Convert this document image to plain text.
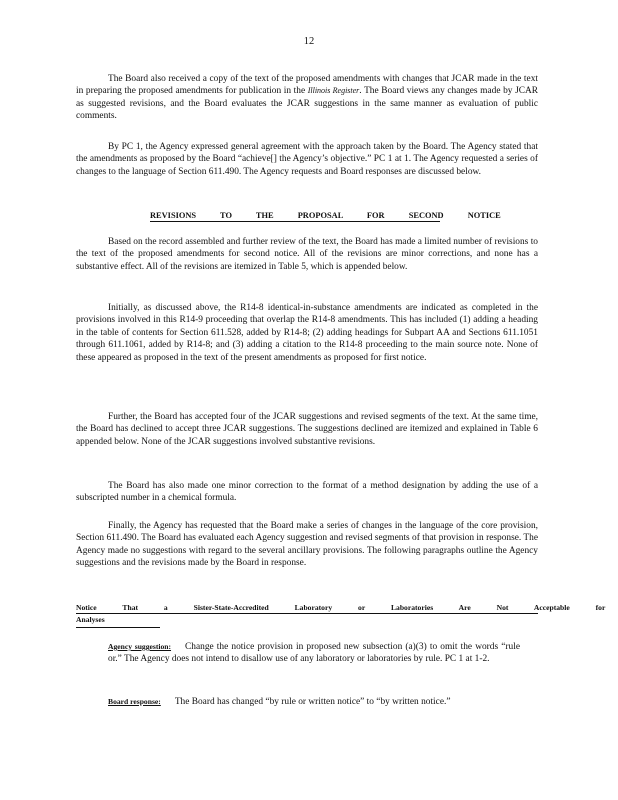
12

The Board also received a copy of the text of the proposed amendments with changes that JCAR made in the text in preparing the proposed amendments for publication in the Illinois Register. The Board views any changes made by JCAR as suggested revisions, and the Board evaluates the JCAR suggestions in the same manner as evaluation of public comments.

By PC 1, the Agency expressed general agreement with the approach taken by the Board. The Agency stated that the amendments as proposed by the Board “achieve[] the Agency’s objective.” PC 1 at 1. The Agency requested a series of changes to the language of Section 611.490. The Agency requests and Board responses are discussed below.

REVISIONS TO THE PROPOSAL FOR SECOND NOTICE

Based on the record assembled and further review of the text, the Board has made a limited number of revisions to the text of the proposed amendments for second notice. All of the revisions are minor corrections, and none has a substantive effect. All of the revisions are itemized in Table 5, which is appended below.

Initially, as discussed above, the R14-8 identical-in-substance amendments are indicated as completed in the provisions involved in this R14-9 proceeding that overlap the R14-8 amendments. This has included (1) adding a heading in the table of contents for Section 611.528, added by R14-8; (2) adding headings for Subpart AA and Sections 611.1051 through 611.1061, added by R14-8; and (3) adding a citation to the R14-8 proceeding to the main source note. None of these appeared as proposed in the text of the present amendments as proposed for first notice.

Further, the Board has accepted four of the JCAR suggestions and revised segments of the text. At the same time, the Board has declined to accept three JCAR suggestions. The suggestions declined are itemized and explained in Table 6 appended below. None of the JCAR suggestions involved substantive revisions.

The Board has also made one minor correction to the format of a method designation by adding the use of a subscripted number in a chemical formula.

Finally, the Agency has requested that the Board make a series of changes in the language of the core provision, Section 611.490. The Board has evaluated each Agency suggestion and revised segments of that provision in response. The Agency made no suggestions with regard to the several ancillary provisions. The following paragraphs outline the Agency suggestions and the revisions made by the Board in response.

Notice That a Sister-State-Accredited Laboratory or Laboratories Are Not Acceptable for
Analyses

Agency suggestion: Change the notice provision in proposed new subsection (a)(3) to omit the words “rule or.” The Agency does not intend to disallow use of any laboratory or laboratories by rule. PC 1 at 1-2.

Board response: The Board has changed “by rule or written notice” to “by written notice.”
